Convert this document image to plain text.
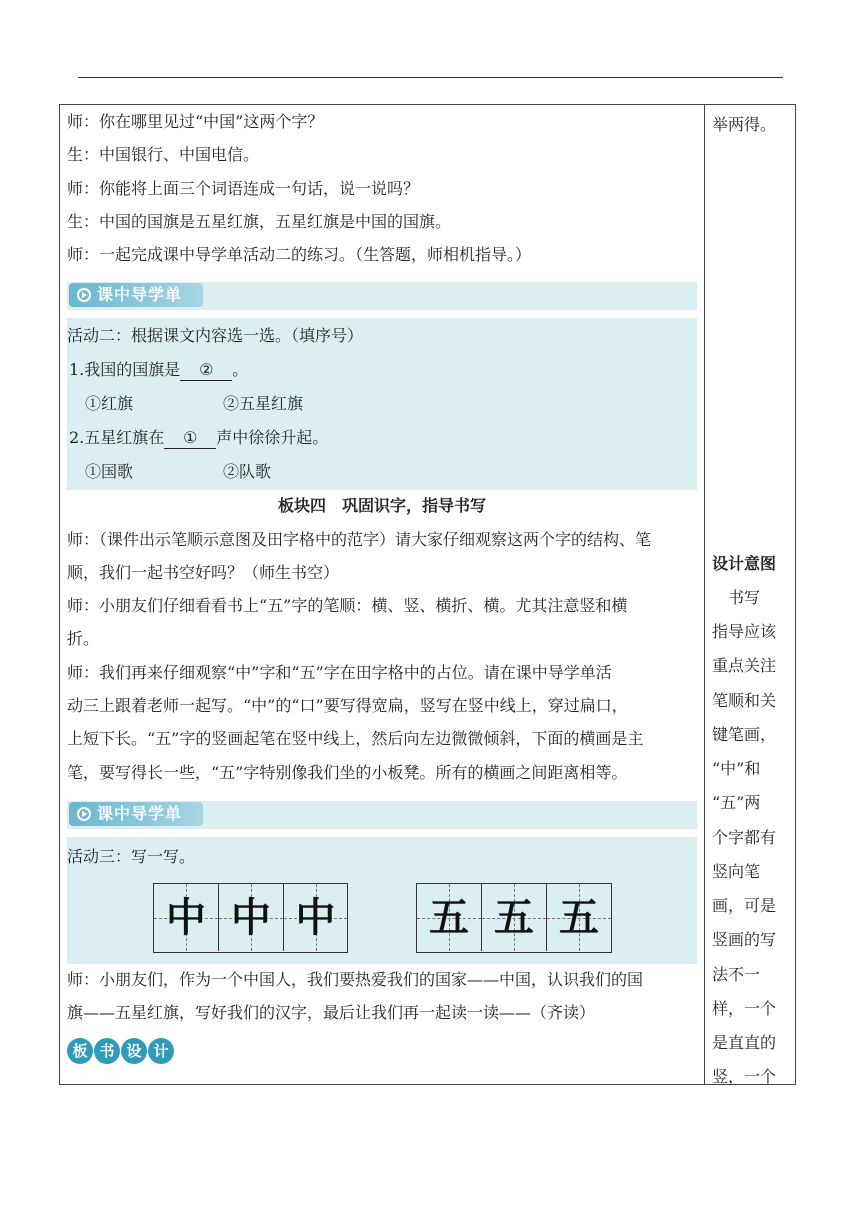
师：你在哪里见过“中国”这两个字？
生：中国银行、中国电信。
师：你能将上面三个词语连成一句话，说一说吗？
生：中国的国旗是五星红旗，五星红旗是中国的国旗。
师：一起完成课中导学单活动二的练习。（生答题，师相机指导。）
课中导学单
活动二：根据课文内容选一选。（填序号）
1.我国的国旗是 ② 。
①红旗	②五星红旗
2.五星红旗在 ① 声中徐徐升起。
①国歌	②队歌
板块四　巩固识字，指导书写
师：（课件出示笔顺示意图及田字格中的范字）请大家仔细观察这两个字的结构、笔
顺，我们一起书空好吗？（师生书空）
师：小朋友们仔细看看书上“五”字的笔顺：横、竖、横折、横。尤其注意竖和横
折。
师：我们再来仔细观察“中”字和“五”字在田字格中的占位。请在课中导学单活
动三上跟着老师一起写。“中”的“口”要写得宽扁，竖写在竖中线上，穿过扁口，
上短下长。“五”字的竖画起笔在竖中线上，然后向左边微微倾斜，下面的横画是主
笔，要写得长一些，“五”字特别像我们坐的小板凳。所有的横画之间距离相等。
课中导学单
活动三：写一写。
中 中 中	五 五 五
师：小朋友们，作为一个中国人，我们要热爱我们的国家——中国，认识我们的国
旗——五星红旗，写好我们的汉字，最后让我们再一起读一读——（齐读）
板 书 设 计
举两得。
设计意图
　书写
指导应该
重点关注
笔顺和关
键笔画，
“中”和
“五”两
个字都有
竖向笔
画，可是
竖画的写
法不一
样，一个
是直直的
竖，一个
